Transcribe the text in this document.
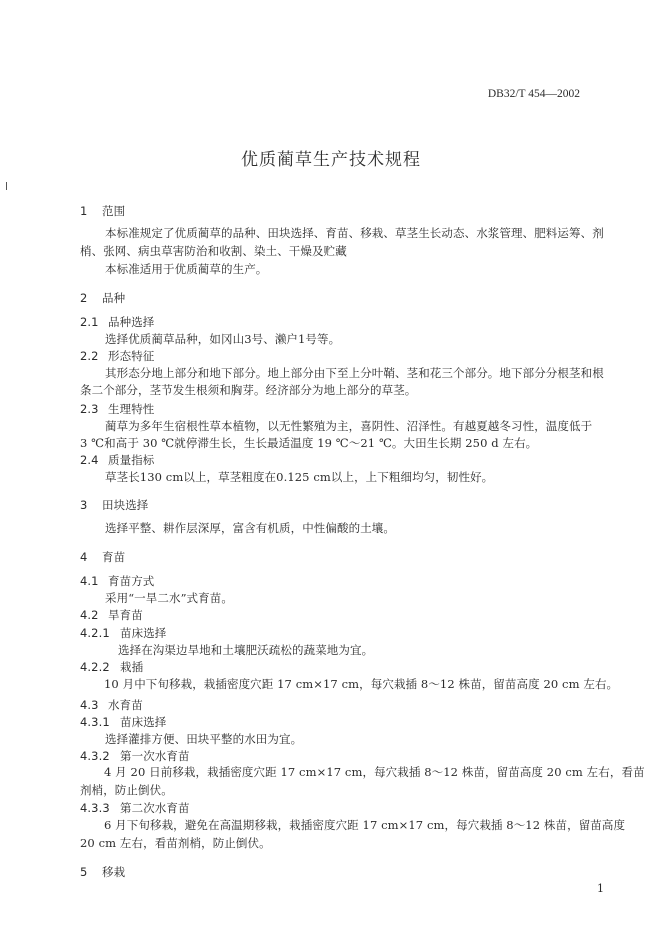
DB32/T 454—2002
优质蔺草生产技术规程
1 范围
本标准规定了优质蔺草的品种、田块选择、育苗、移栽、草茎生长动态、水浆管理、肥料运筹、剂
梢、张网、病虫草害防治和收割、染土、干燥及贮藏
本标准适用于优质蔺草的生产。
2 品种
2.1 品种选择
选择优质蔺草品种，如冈山3号、濑户1号等。
2.2 形态特征
其形态分地上部分和地下部分。地上部分由下至上分叶鞘、茎和花三个部分。地下部分分根茎和根
条二个部分，茎节发生根须和胸芽。经济部分为地上部分的草茎。
2.3 生理特性
蔺草为多年生宿根性草本植物，以无性繁殖为主，喜阴性、沼泽性。有越夏越冬习性，温度低于
3 ℃和高于 30 ℃就停滞生长，生长最适温度 19 ℃～21 ℃。大田生长期 250 d 左右。
2.4 质量指标
草茎长130 cm以上，草茎粗度在0.125 cm以上，上下粗细均匀，韧性好。
3 田块选择
选择平整、耕作层深厚，富含有机质，中性偏酸的土壤。
4 育苗
4.1 育苗方式
采用“一旱二水”式育苗。
4.2 旱育苗
4.2.1 苗床选择
选择在沟渠边旱地和土壤肥沃疏松的蔬菜地为宜。
4.2.2 栽插
10 月中下旬移栽，栽插密度穴距 17 cm×17 cm，每穴栽插 8～12 株苗，留苗高度 20 cm 左右。
4.3 水育苗
4.3.1 苗床选择
选择灌排方便、田块平整的水田为宜。
4.3.2 第一次水育苗
4 月 20 日前移栽，栽插密度穴距 17 cm×17 cm，每穴栽插 8～12 株苗，留苗高度 20 cm 左右，看苗
剂梢，防止倒伏。
4.3.3 第二次水育苗
6 月下旬移栽，避免在高温期移栽，栽插密度穴距 17 cm×17 cm，每穴栽插 8～12 株苗，留苗高度
20 cm 左右，看苗剂梢，防止倒伏。
5 移栽
1
